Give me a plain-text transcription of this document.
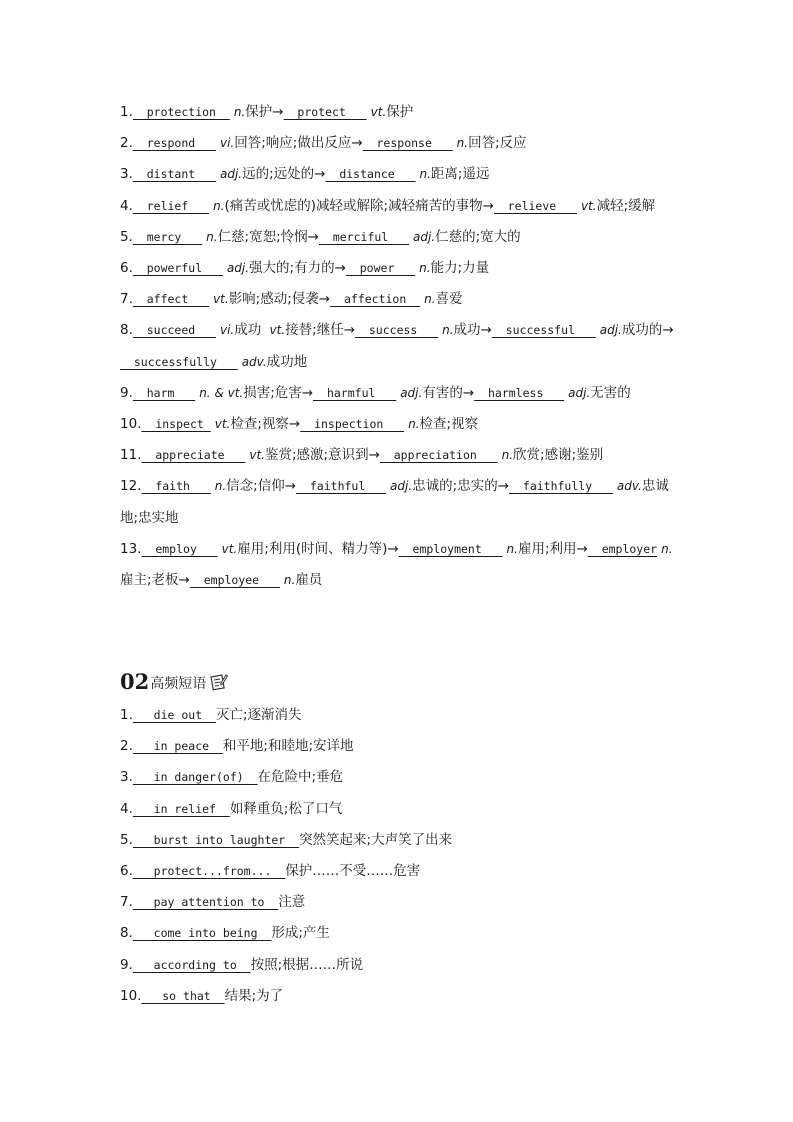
1.  protection  n.保护→  protect   vt.保护
2.  respond   vi.回答;响应;做出反应→  response   n.回答;反应
3.  distant   adj.远的;远处的→  distance   n.距离;遥远
4.  relief   n.(痛苦或忧虑的)减轻或解除;减轻痛苦的事物→  relieve   vt.减轻;缓解
5.  mercy   n.仁慈;宽恕;怜悯→  merciful   adj.仁慈的;宽大的
6.  powerful   adj.强大的;有力的→  power   n.能力;力量
7.  affect   vt.影响;感动;侵袭→  affection  n.喜爱
8.  succeed   vi.成功 vt.接替;继任→  success   n.成功→  successful   adj.成功的→  successfully   adv.成功地
9.  harm   n. & vt.损害;危害→  harmful   adj.有害的→  harmless   adj.无害的
10.  inspect vt.检查;视察→  inspection   n.检查;视察
11.  appreciate   vt.鉴赏;感激;意识到→  appreciation   n.欣赏;感谢;鉴别
12.  faith   n.信念;信仰→  faithful   adj.忠诚的;忠实的→  faithfully   adv.忠诚地;忠实地
13.  employ   vt.雇用;利用(时间、精力等)→  employment   n.雇用;利用→  employer n.雇主;老板→  employee   n.雇员
02 高频短语
1.   die out  灭亡;逐渐消失
2.   in peace  和平地;和睦地;安详地
3.   in danger(of)  在危险中;垂危
4.   in relief  如释重负;松了口气
5.   burst into laughter  突然笑起来;大声笑了出来
6.   protect...from...  保护……不受……危害
7.   pay attention to  注意
8.   come into being  形成;产生
9.   according to  按照;根据……所说
10.   so that  结果;为了
